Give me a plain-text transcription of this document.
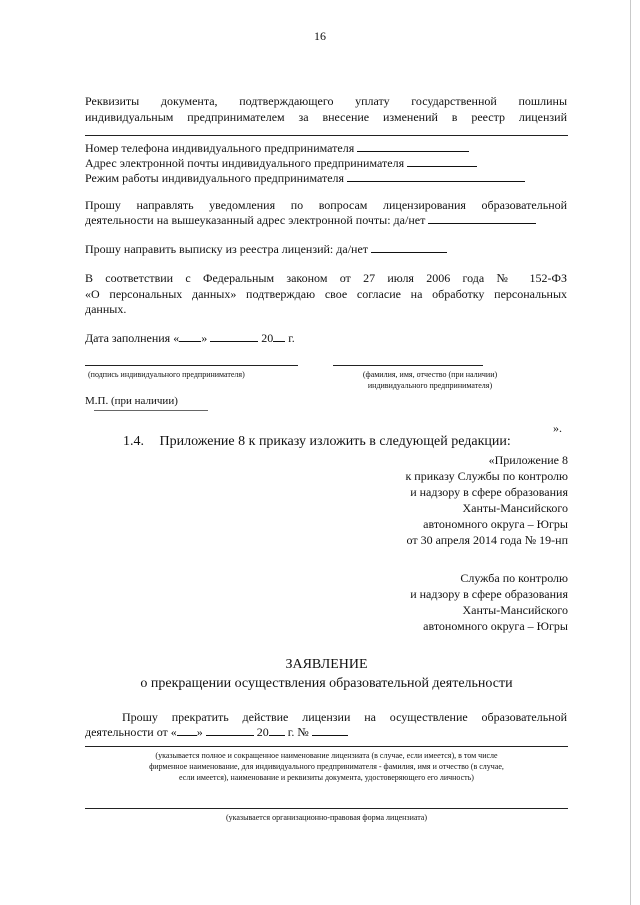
16
Реквизиты документа, подтверждающего уплату государственной пошлины
индивидуальным предпринимателем за внесение изменений в реестр лицензий
Номер телефона индивидуального предпринимателя
Адрес электронной почты индивидуального предпринимателя
Режим работы индивидуального предпринимателя
Прошу направлять уведомления по вопросам лицензирования образовательной
деятельности на вышеуказанный адрес электронной почты: да/нет
Прошу направить выписку из реестра лицензий: да/нет
В соответствии с Федеральным законом от 27 июля 2006 года № 152-ФЗ
«О персональных данных» подтверждаю свое согласие на обработку персональных
данных.
Дата заполнения « »	20 г.
(подпись индивидуального предпринимателя)	(фамилия, имя, отчество (при наличии)
индивидуального предпринимателя)
М.П. (при наличии)
».
1.4. Приложение 8 к приказу изложить в следующей редакции:
«Приложение 8
к приказу Службы по контролю
и надзору в сфере образования
Ханты-Мансийского
автономного округа – Югры
от 30 апреля 2014 года № 19-нп
Служба по контролю
и надзору в сфере образования
Ханты-Мансийского
автономного округа – Югры
ЗАЯВЛЕНИЕ
о прекращении осуществления образовательной деятельности
Прошу прекратить действие лицензии на осуществление образовательной
деятельности от « »	20 г. №
(указывается полное и сокращенное наименование лицензиата (в случае, если имеется), в том числе
фирменное наименование, для индивидуального предпринимателя - фамилия, имя и отчество (в случае,
если имеется), наименование и реквизиты документа, удостоверяющего его личность)
(указывается организационно-правовая форма лицензиата)
